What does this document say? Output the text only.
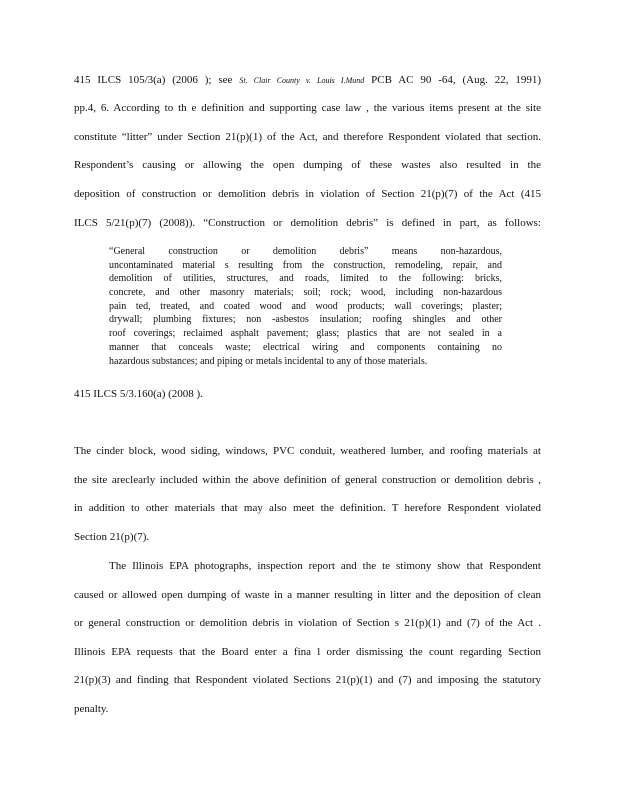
415 ILCS 105/3(a) (2006 ); see St. Clair County v. Louis I.Mund PCB AC 90 -64, (Aug. 22, 1991)
pp.4, 6. According to th e definition and supporting case law , the various items present at the site
constitute “litter” under Section 21(p)(1) of the Act, and therefore Respondent violated that section.
Respondent’s causing or allowing the open dumping of these wastes also resulted in the
deposition of construction or demolition debris in violation of Section 21(p)(7) of the Act (415
ILCS 5/21(p)(7) (2008)). “Construction or demolition debris” is defined in part, as follows:
“General construction or demolition debris” means non-hazardous,
uncontaminated material s resulting from the construction, remodeling, repair, and
demolition of utilities, structures, and roads, limited to the following: bricks,
concrete, and other masonry materials; soil; rock; wood, including non-hazardous
pain ted, treated, and coated wood and wood products; wall coverings; plaster;
drywall; plumbing fixtures; non -asbestos insulation; roofing shingles and other
roof coverings; reclaimed asphalt pavement; glass; plastics that are not sealed in a
manner that conceals waste; electrical wiring and components containing no
hazardous substances; and piping or metals incidental to any of those materials.
415 ILCS 5/3.160(a) (2008 ).
The cinder block, wood siding, windows, PVC conduit, weathered lumber, and roofing materials at
the site areclearly included within the above definition of general construction or demolition debris ,
in addition to other materials that may also meet the definition. T herefore Respondent violated
Section 21(p)(7).
The Illinois EPA photographs, inspection report and the te stimony show that Respondent
caused or allowed open dumping of waste in a manner resulting in litter and the deposition of clean
or general construction or demolition debris in violation of Section s 21(p)(1) and (7) of the Act .
Illinois EPA requests that the Board enter a fina l order dismissing the count regarding Section
21(p)(3) and finding that Respondent violated Sections 21(p)(1) and (7) and imposing the statutory
penalty.
